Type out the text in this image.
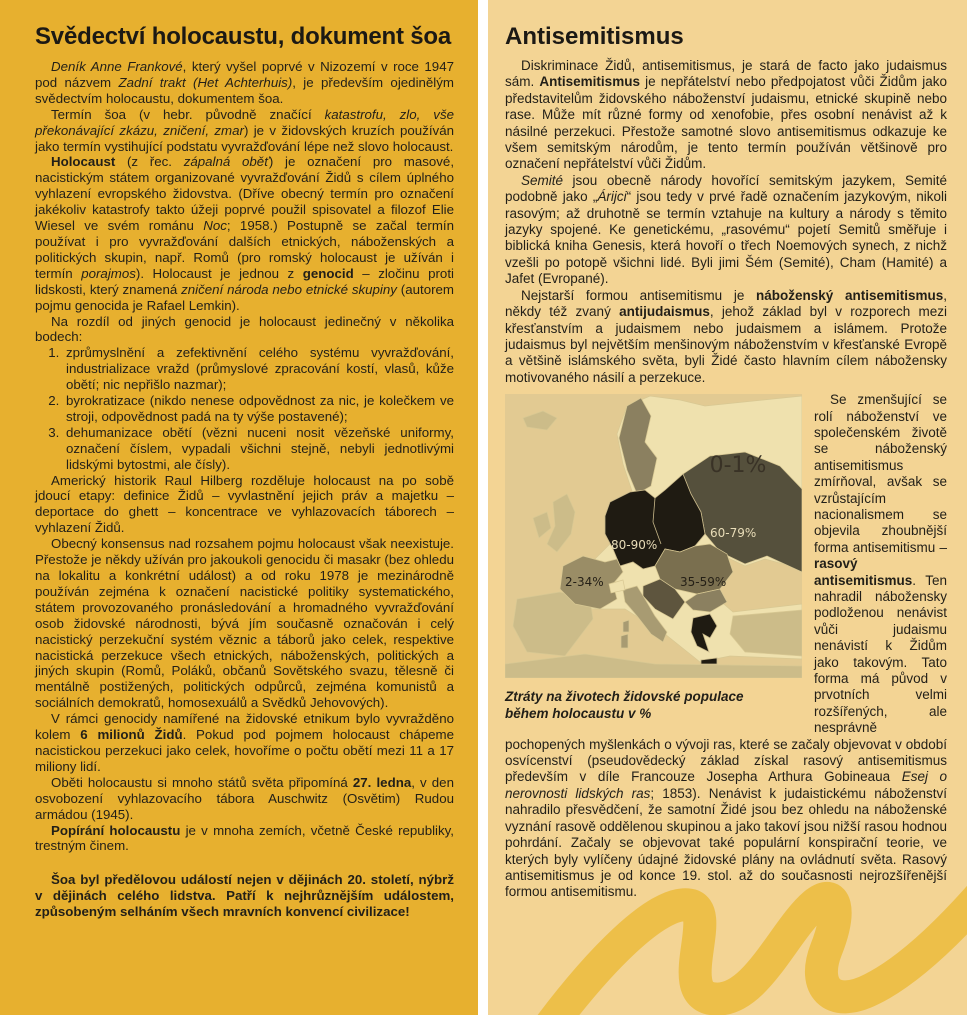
Svědectví holocaustu, dokument šoa

Deník Anne Frankové, který vyšel poprvé v Nizozemí v roce 1947 pod názvem Zadní trakt (Het Achterhuis), je především ojedinělým svědectvím holocaustu, dokumentem šoa.

Termín šoa (v hebr. původně značící katastrofu, zlo, vše překonávající zkázu, zničení, zmar) je v židovských kruzích používán jako termín vystihující podstatu vyvražďování lépe než slovo holocaust.

Holocaust (z řec. zápalná oběť) je označení pro masové, nacistickým státem organizované vyvražďování Židů s cílem úplného vyhlazení evropského židovstva. (Dříve obecný termín pro označení jakékoliv katastrofy takto úžeji poprvé použil spisovatel a filozof Elie Wiesel ve svém románu Noc; 1958.) Postupně se začal termín používat i pro vyvražďování dalších etnických, náboženských a politických skupin, např. Romů (pro romský holocaust je užíván i termín porajmos). Holocaust je jednou z genocid – zločinu proti lidskosti, který znamená zničení národa nebo etnické skupiny (autorem pojmu genocida je Rafael Lemkin).

Na rozdíl od jiných genocid je holocaust jedinečný v několika bodech:

1. zprůmyslnění a zefektivnění celého systému vyvražďování, industrializace vražd (průmyslové zpracování kostí, vlasů, kůže obětí; nic nepřišlo nazmar);
2. byrokratizace (nikdo nenese odpovědnost za nic, je kolečkem ve stroji, odpovědnost padá na ty výše postavené);
3. dehumanizace obětí (vězni nuceni nosit vězeňské uniformy, označení číslem, vypadali všichni stejně, nebyli jednotlivými lidskými bytostmi, ale čísly).

Americký historik Raul Hilberg rozděluje holocaust na po sobě jdoucí etapy: definice Židů – vyvlastnění jejich práv a majetku – deportace do ghett – koncentrace ve vyhlazovacích táborech – vyhlazení Židů.

Obecný konsensus nad rozsahem pojmu holocaust však neexistuje. Přestože je někdy užíván pro jakoukoli genocidu či masakr (bez ohledu na lokalitu a konkrétní událost) a od roku 1978 je mezinárodně používán zejména k označení nacistické politiky systematického, státem provozovaného pronásledování a hromadného vyvražďování osob židovské národnosti, bývá jím současně označován i celý nacistický perzekuční systém věznic a táborů jako celek, respektive nacistická perzekuce všech etnických, náboženských, politických a jiných skupin (Romů, Poláků, občanů Sovětského svazu, tělesně či mentálně postižených, politických odpůrců, zejména komunistů a sociálních demokratů, homosexuálů a Svědků Jehovových).

V rámci genocidy namířené na židovské etnikum bylo vyvražděno kolem 6 milionů Židů. Pokud pod pojmem holocaust chápeme nacistickou perzekuci jako celek, hovoříme o počtu obětí mezi 11 a 17 miliony lidí.

Oběti holocaustu si mnoho států světa připomíná 27. ledna, v den osvobození vyhlazovacího tábora Auschwitz (Osvětim) Rudou armádou (1945).

Popírání holocaustu je v mnoha zemích, včetně České republiky, trestným činem.

Šoa byl předělovou událostí nejen v dějinách 20. století, nýbrž v dějinách celého lidstva. Patří k nejhrůznějším událostem, způsobeným selháním všech mravních konvencí civilizace!

Antisemitismus

Diskriminace Židů, antisemitismus, je stará de facto jako judaismus sám. Antisemitismus je nepřátelství nebo předpojatost vůči Židům jako představitelům židovského náboženství judaismu, etnické skupině nebo rase. Může mít různé formy od xenofobie, přes osobní nenávist až k násilné perzekuci. Přestože samotné slovo antisemitismus odkazuje ke všem semitským národům, je tento termín používán většinově pro označení nepřátelství vůči Židům.

Semité jsou obecně národy hovořící semitským jazykem, Semité podobně jako „Árijci“ jsou tedy v prvé řadě označením jazykovým, nikoli rasovým; až druhotně se termín vztahuje na kultury a národy s těmito jazyky spojené. Ke genetickému, „rasovému“ pojetí Semitů směřuje i biblická kniha Genesis, která hovoří o třech Noemových synech, z nichž vzešli po potopě všichni lidé. Byli jimi Šém (Semité), Cham (Hamité) a Jafet (Evropané).

Nejstarší formou antisemitismu je náboženský antisemitismus, někdy též zvaný antijudaismus, jehož základ byl v rozporech mezi křesťanstvím a judaismem nebo judaismem a islámem. Protože judaismus byl největším menšinovým náboženstvím v křesťanské Evropě a většině islámského světa, byli Židé často hlavním cílem nábožensky motivovaného násilí a perzekuce.

0-1%
80-90%
60-79%
2-34%	35-59%
Ztráty na životech židovské populace během holocaustu v %

Se zmenšující se rolí náboženství ve společenském životě se náboženský antisemitismus zmírňoval, avšak se vzrůstajícím nacionalismem se objevila zhoubnější forma antisemitismu – rasový antisemitismus. Ten nahradil nábožensky podloženou nenávist vůči judaismu nenávistí k Židům jako takovým. Tato forma má původ v prvotních velmi rozšířených, ale nesprávně pochopených myšlenkách o vývoji ras, které se začaly objevovat v období osvícenství (pseudovědecký základ získal rasový antisemitismus především v díle Francouze Josepha Arthura Gobineaua Esej o nerovnosti lidských ras; 1853). Nenávist k judaistickému náboženství nahradilo přesvědčení, že samotní Židé jsou bez ohledu na náboženské vyznání rasově oddělenou skupinou a jako takoví jsou nižší rasou hodnou pohrdání. Začaly se objevovat také populární konspirační teorie, ve kterých byly vylíčeny údajné židovské plány na ovládnutí světa. Rasový antisemitismus je od konce 19. stol. až do současnosti nejrozšířenější formou antisemitismu.
